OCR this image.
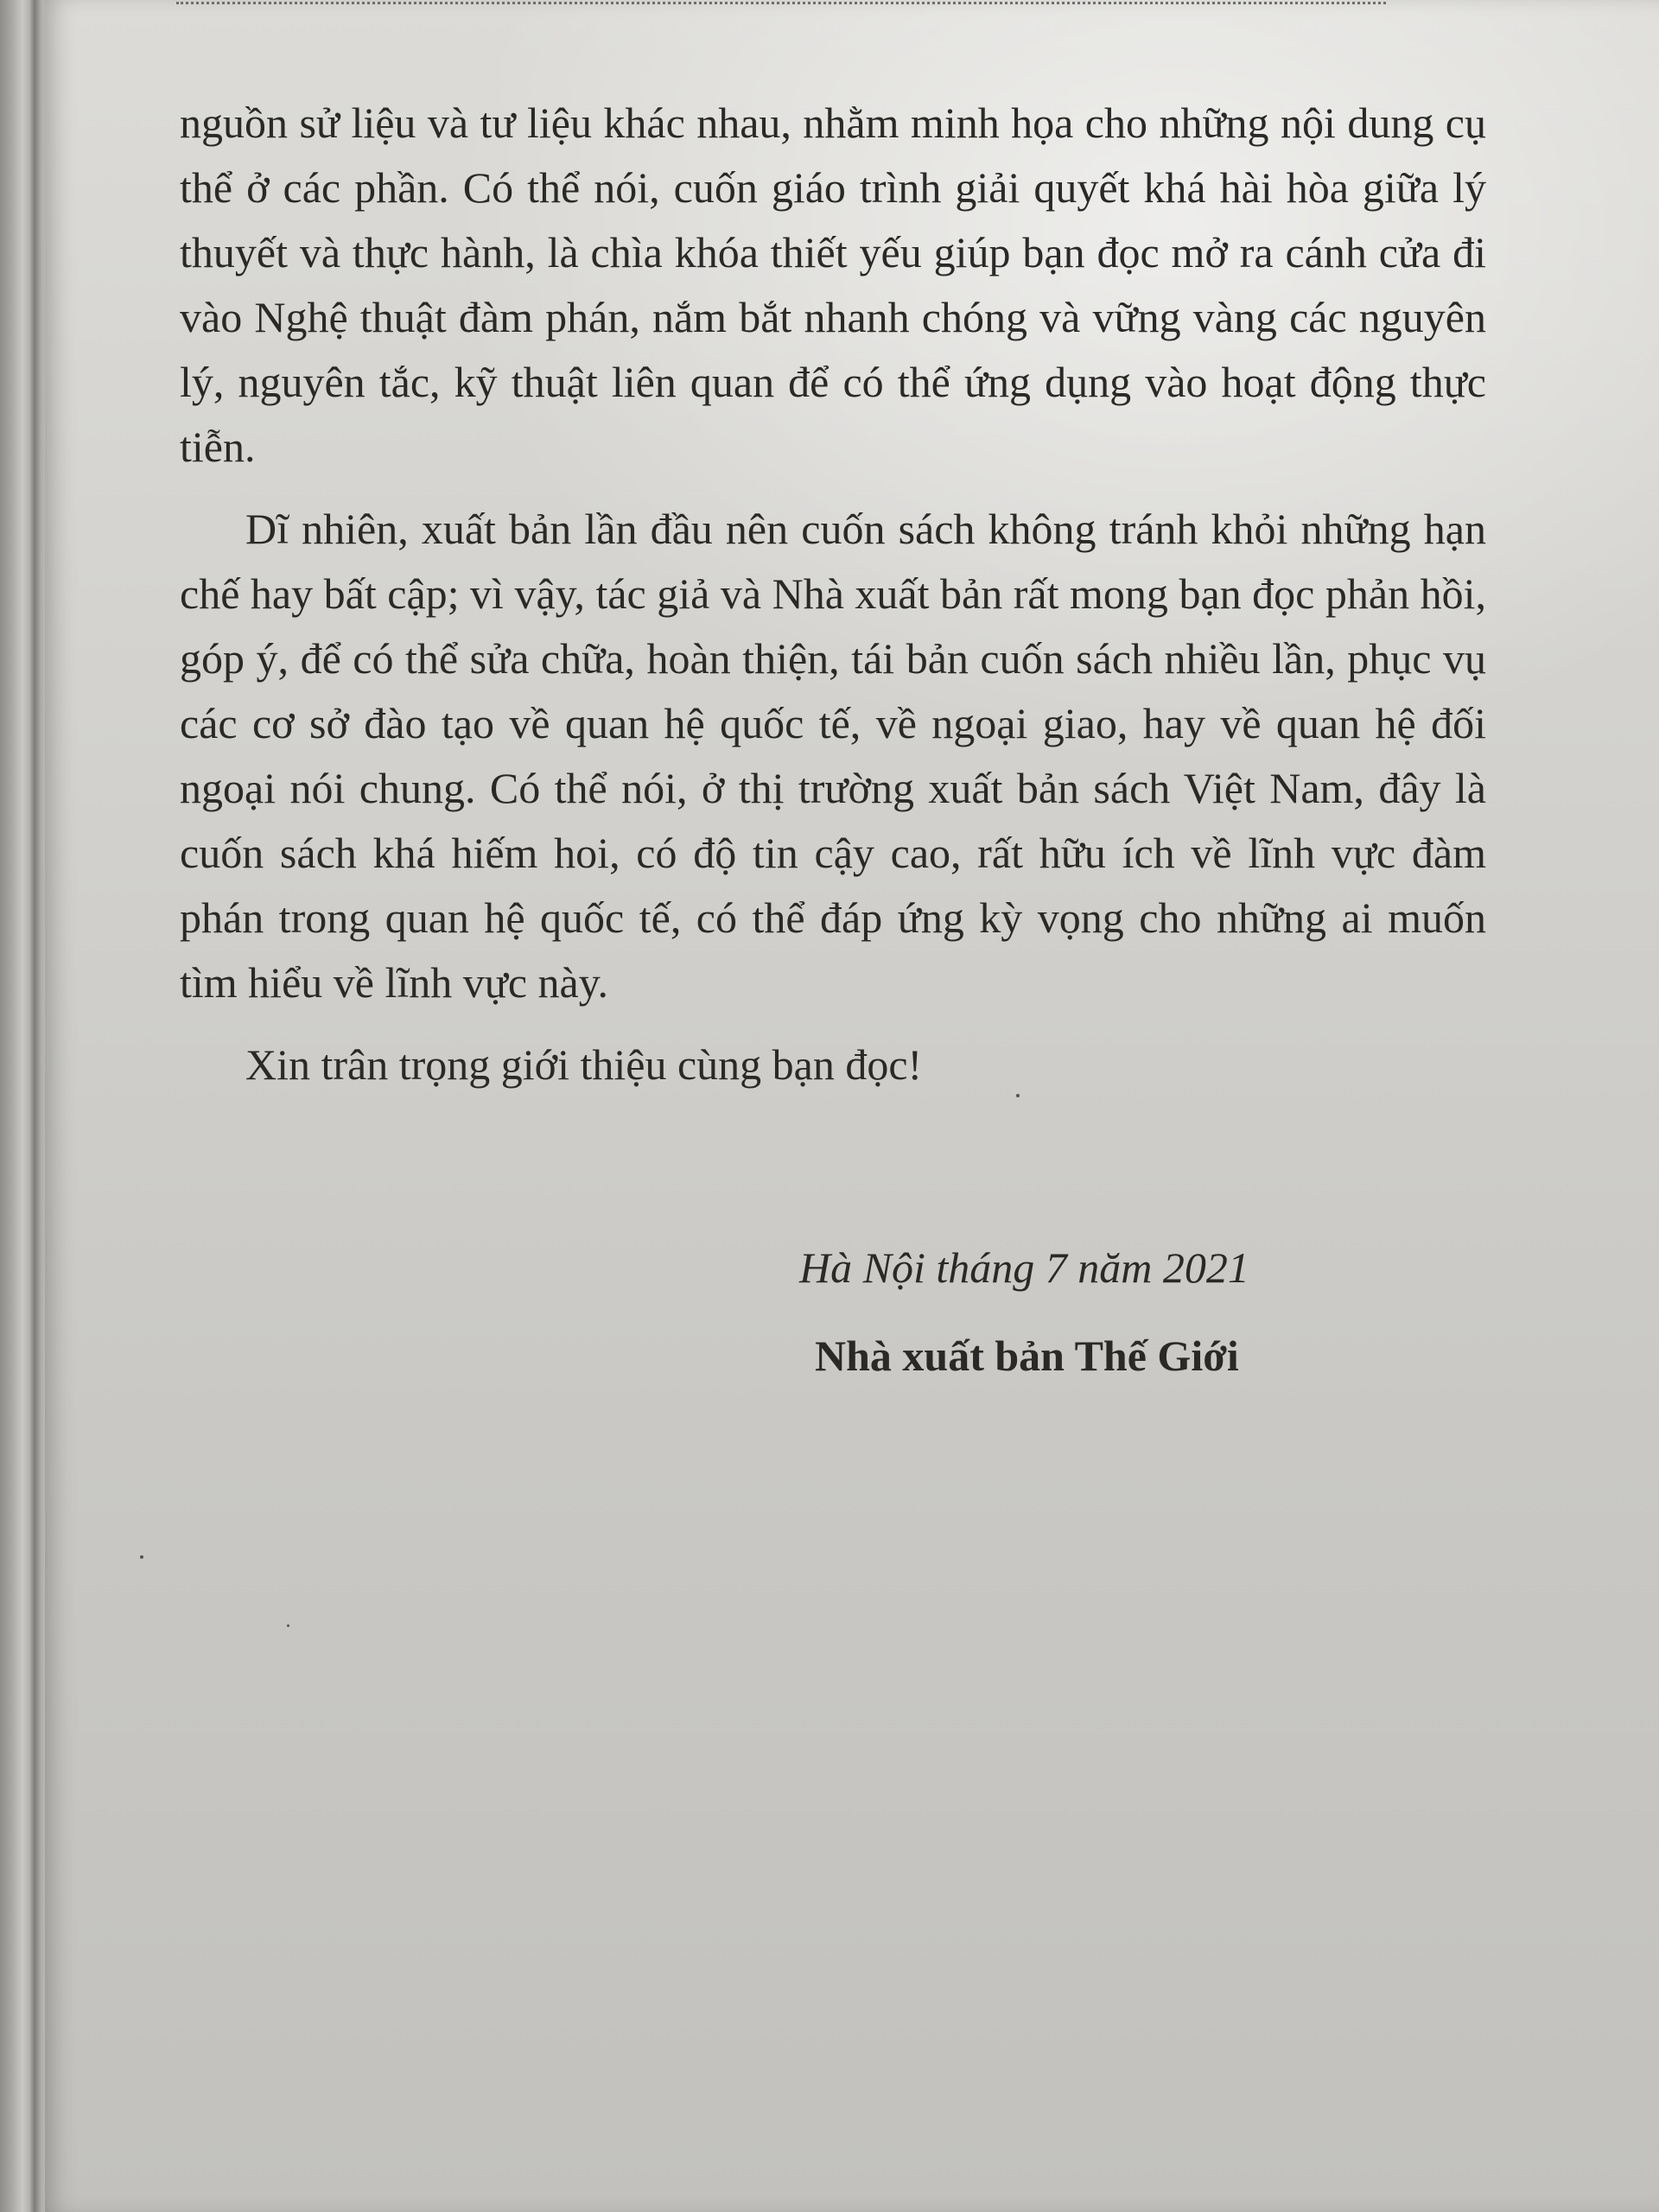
nguồn sử liệu và tư liệu khác nhau, nhằm minh họa cho những nội dung cụ thể ở các phần. Có thể nói, cuốn giáo trình giải quyết khá hài hòa giữa lý thuyết và thực hành, là chìa khóa thiết yếu giúp bạn đọc mở ra cánh cửa đi vào Nghệ thuật đàm phán, nắm bắt nhanh chóng và vững vàng các nguyên lý, nguyên tắc, kỹ thuật liên quan để có thể ứng dụng vào hoạt động thực tiễn.

Dĩ nhiên, xuất bản lần đầu nên cuốn sách không tránh khỏi những hạn chế hay bất cập; vì vậy, tác giả và Nhà xuất bản rất mong bạn đọc phản hồi, góp ý, để có thể sửa chữa, hoàn thiện, tái bản cuốn sách nhiều lần, phục vụ các cơ sở đào tạo về quan hệ quốc tế, về ngoại giao, hay về quan hệ đối ngoại nói chung. Có thể nói, ở thị trường xuất bản sách Việt Nam, đây là cuốn sách khá hiếm hoi, có độ tin cậy cao, rất hữu ích về lĩnh vực đàm phán trong quan hệ quốc tế, có thể đáp ứng kỳ vọng cho những ai muốn tìm hiểu về lĩnh vực này.

Xin trân trọng giới thiệu cùng bạn đọc!

Hà Nội tháng 7 năm 2021
Nhà xuất bản Thế Giới
